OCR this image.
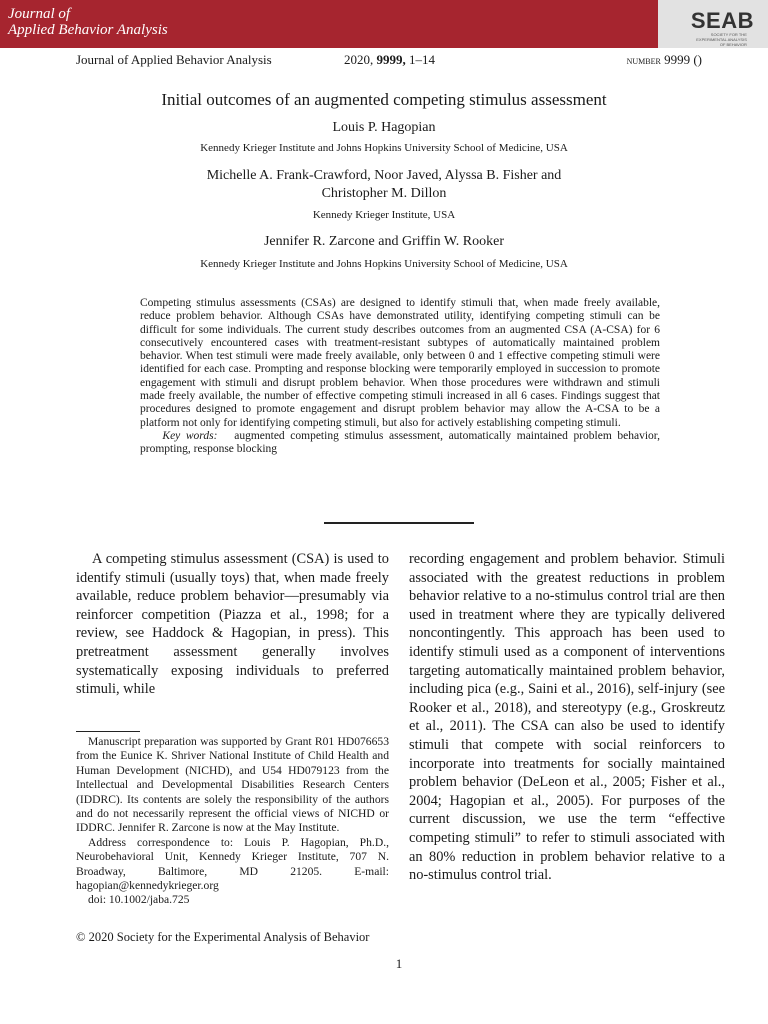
Journal of
Applied Behavior Analysis	SEAB
SOCIETY FOR THE EXPERIMENTAL ANALYSIS OF BEHAVIOR
Journal of Applied Behavior Analysis	2020, 9999, 1–14	number 9999 ()
Initial outcomes of an augmented competing stimulus assessment
Louis P. Hagopian
Kennedy Krieger Institute and Johns Hopkins University School of Medicine, USA
Michelle A. Frank-Crawford, Noor Javed, Alyssa B. Fisher and
Christopher M. Dillon
Kennedy Krieger Institute, USA
Jennifer R. Zarcone and Griffin W. Rooker
Kennedy Krieger Institute and Johns Hopkins University School of Medicine, USA
Competing stimulus assessments (CSAs) are designed to identify stimuli that, when made freely available, reduce problem behavior. Although CSAs have demonstrated utility, identifying competing stimuli can be difficult for some individuals. The current study describes outcomes from an augmented CSA (A-CSA) for 6 consecutively encountered cases with treatment-resistant subtypes of automatically maintained problem behavior. When test stimuli were made freely available, only between 0 and 1 effective competing stimuli were identified for each case. Prompting and response blocking were temporarily employed in succession to promote engagement with stimuli and disrupt problem behavior. When those procedures were withdrawn and stimuli made freely available, the number of effective competing stimuli increased in all 6 cases. Findings suggest that procedures designed to promote engagement and disrupt problem behavior may allow the A-CSA to be a platform not only for identifying competing stimuli, but also for actively establishing competing stimuli.
Key words: augmented competing stimulus assessment, automatically maintained problem behavior, prompting, response blocking
A competing stimulus assessment (CSA) is used to identify stimuli (usually toys) that, when made freely available, reduce problem behavior—presumably via reinforcer competition (Piazza et al., 1998; for a review, see Haddock & Hagopian, in press). This pretreatment assessment generally involves systematically exposing individuals to preferred stimuli, while
recording engagement and problem behavior. Stimuli associated with the greatest reductions in problem behavior relative to a no-stimulus control trial are then used in treatment where they are typically delivered noncontingently. This approach has been used to identify stimuli used as a component of interventions targeting automatically maintained problem behavior, including pica (e.g., Saini et al., 2016), self-injury (see Rooker et al., 2018), and stereotypy (e.g., Groskreutz et al., 2011). The CSA can also be used to identify stimuli that compete with social reinforcers to incorporate into treatments for socially maintained problem behavior (DeLeon et al., 2005; Fisher et al., 2004; Hagopian et al., 2005). For purposes of the current discussion, we use the term “effective competing stimuli” to refer to stimuli associated with an 80% reduction in problem behavior relative to a no-stimulus control trial.

Manuscript preparation was supported by Grant R01 HD076653 from the Eunice K. Shriver National Institute of Child Health and Human Development (NICHD), and U54 HD079123 from the Intellectual and Developmental Disabilities Research Centers (IDDRC). Its contents are solely the responsibility of the authors and do not necessarily represent the official views of NICHD or IDDRC. Jennifer R. Zarcone is now at the May Institute.

Address correspondence to: Louis P. Hagopian, Ph.D., Neurobehavioral Unit, Kennedy Krieger Institute, 707 N. Broadway, Baltimore, MD 21205. E-mail: hagopian@kennedykrieger.org

doi: 10.1002/jaba.725

© 2020 Society for the Experimental Analysis of Behavior
1
